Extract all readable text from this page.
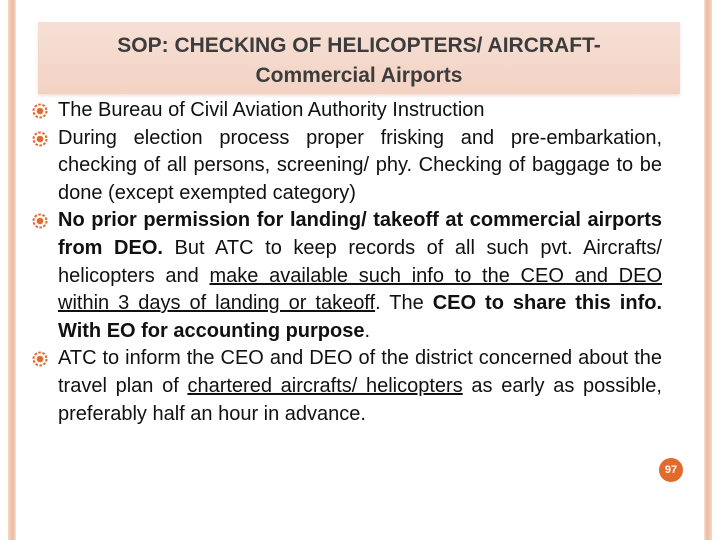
SOP: CHECKING OF HELICOPTERS/ AIRCRAFT-
Commercial Airports
The Bureau of Civil Aviation Authority Instruction
During election process proper frisking and pre-embarkation, checking of all persons, screening/ phy. Checking of baggage to be done (except exempted category)
No prior permission for landing/ takeoff at commercial airports from DEO. But ATC to keep records of all such pvt. Aircrafts/ helicopters and make available such info to the CEO and DEO within 3 days of landing or takeoff. The CEO to share this info. With EO for accounting purpose.
ATC to inform the CEO and DEO of the district concerned about the travel plan of chartered aircrafts/ helicopters as early as possible, preferably half an hour in advance.
97
